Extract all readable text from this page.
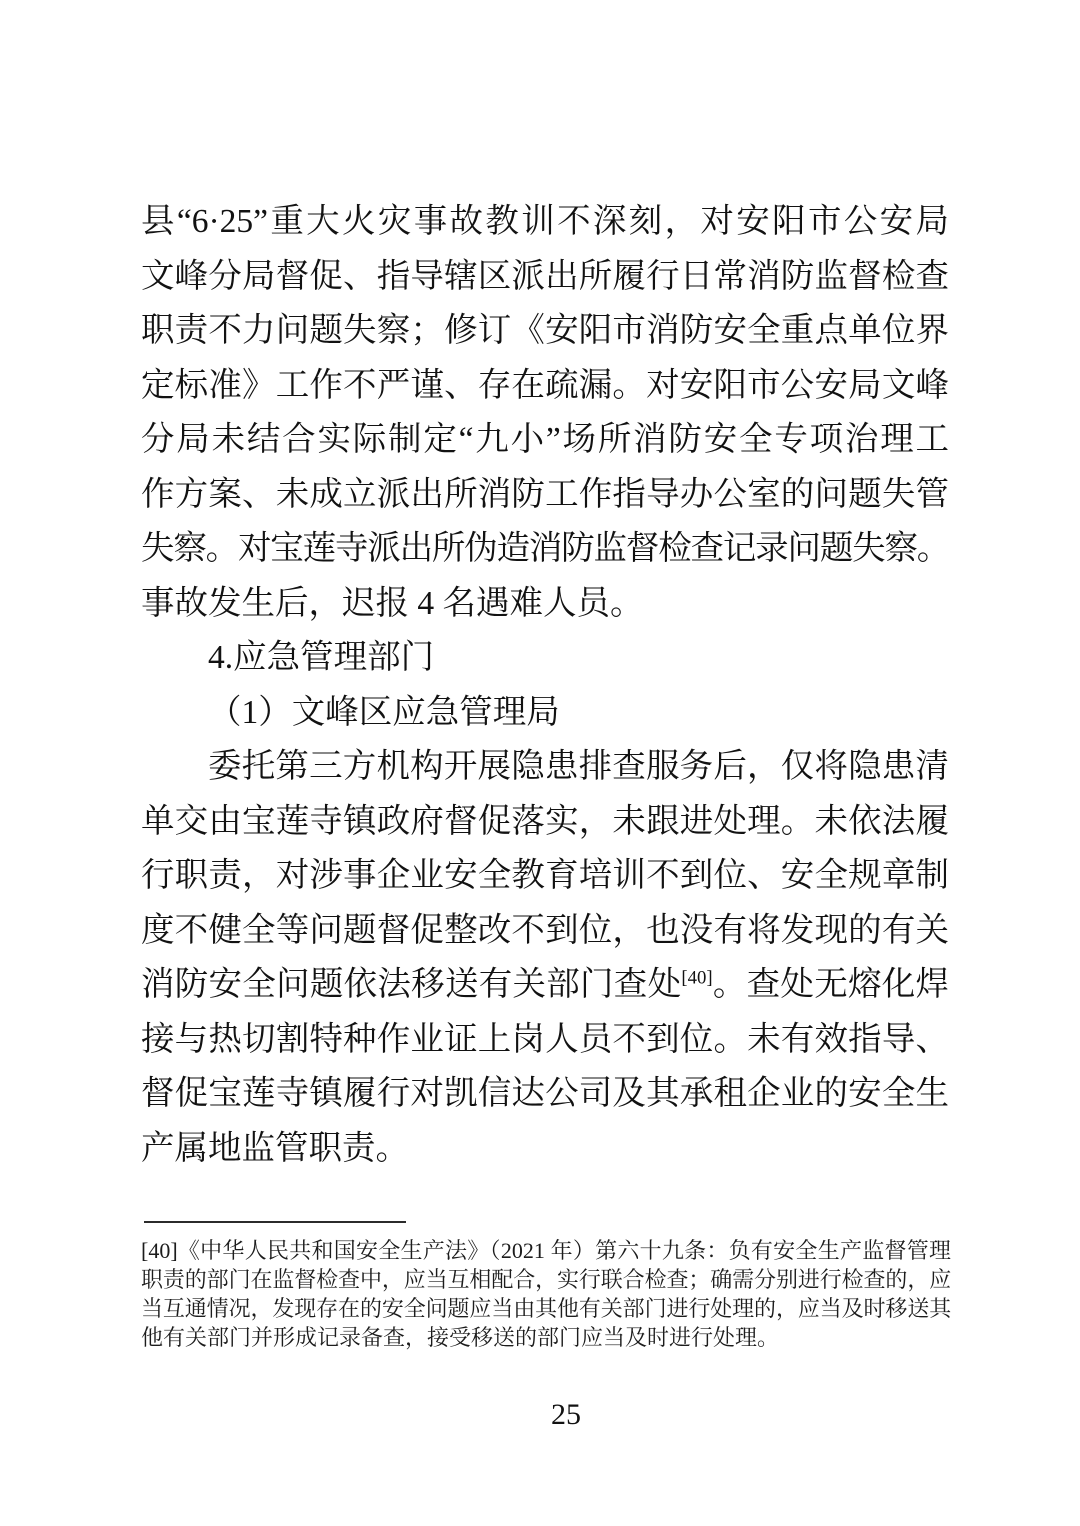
县“6·25”重大火灾事故教训不深刻，对安阳市公安局
文峰分局督促、指导辖区派出所履行日常消防监督检查
职责不力问题失察；修订《安阳市消防安全重点单位界
定标准》工作不严谨、存在疏漏。对安阳市公安局文峰
分局未结合实际制定“九小”场所消防安全专项治理工
作方案、未成立派出所消防工作指导办公室的问题失管
失察。对宝莲寺派出所伪造消防监督检查记录问题失察。
事故发生后，迟报 4 名遇难人员。
4.应急管理部门
（1）文峰区应急管理局
委托第三方机构开展隐患排查服务后，仅将隐患清
单交由宝莲寺镇政府督促落实，未跟进处理。未依法履
行职责，对涉事企业安全教育培训不到位、安全规章制
度不健全等问题督促整改不到位，也没有将发现的有关
消防安全问题依法移送有关部门查处[40]。查处无熔化焊
接与热切割特种作业证上岗人员不到位。未有效指导、
督促宝莲寺镇履行对凯信达公司及其承租企业的安全生
产属地监管职责。
[40]《中华人民共和国安全生产法》（2021 年）第六十九条：负有安全生产监督管理
职责的部门在监督检查中，应当互相配合，实行联合检查；确需分别进行检查的，应
当互通情况，发现存在的安全问题应当由其他有关部门进行处理的，应当及时移送其
他有关部门并形成记录备查，接受移送的部门应当及时进行处理。
25
